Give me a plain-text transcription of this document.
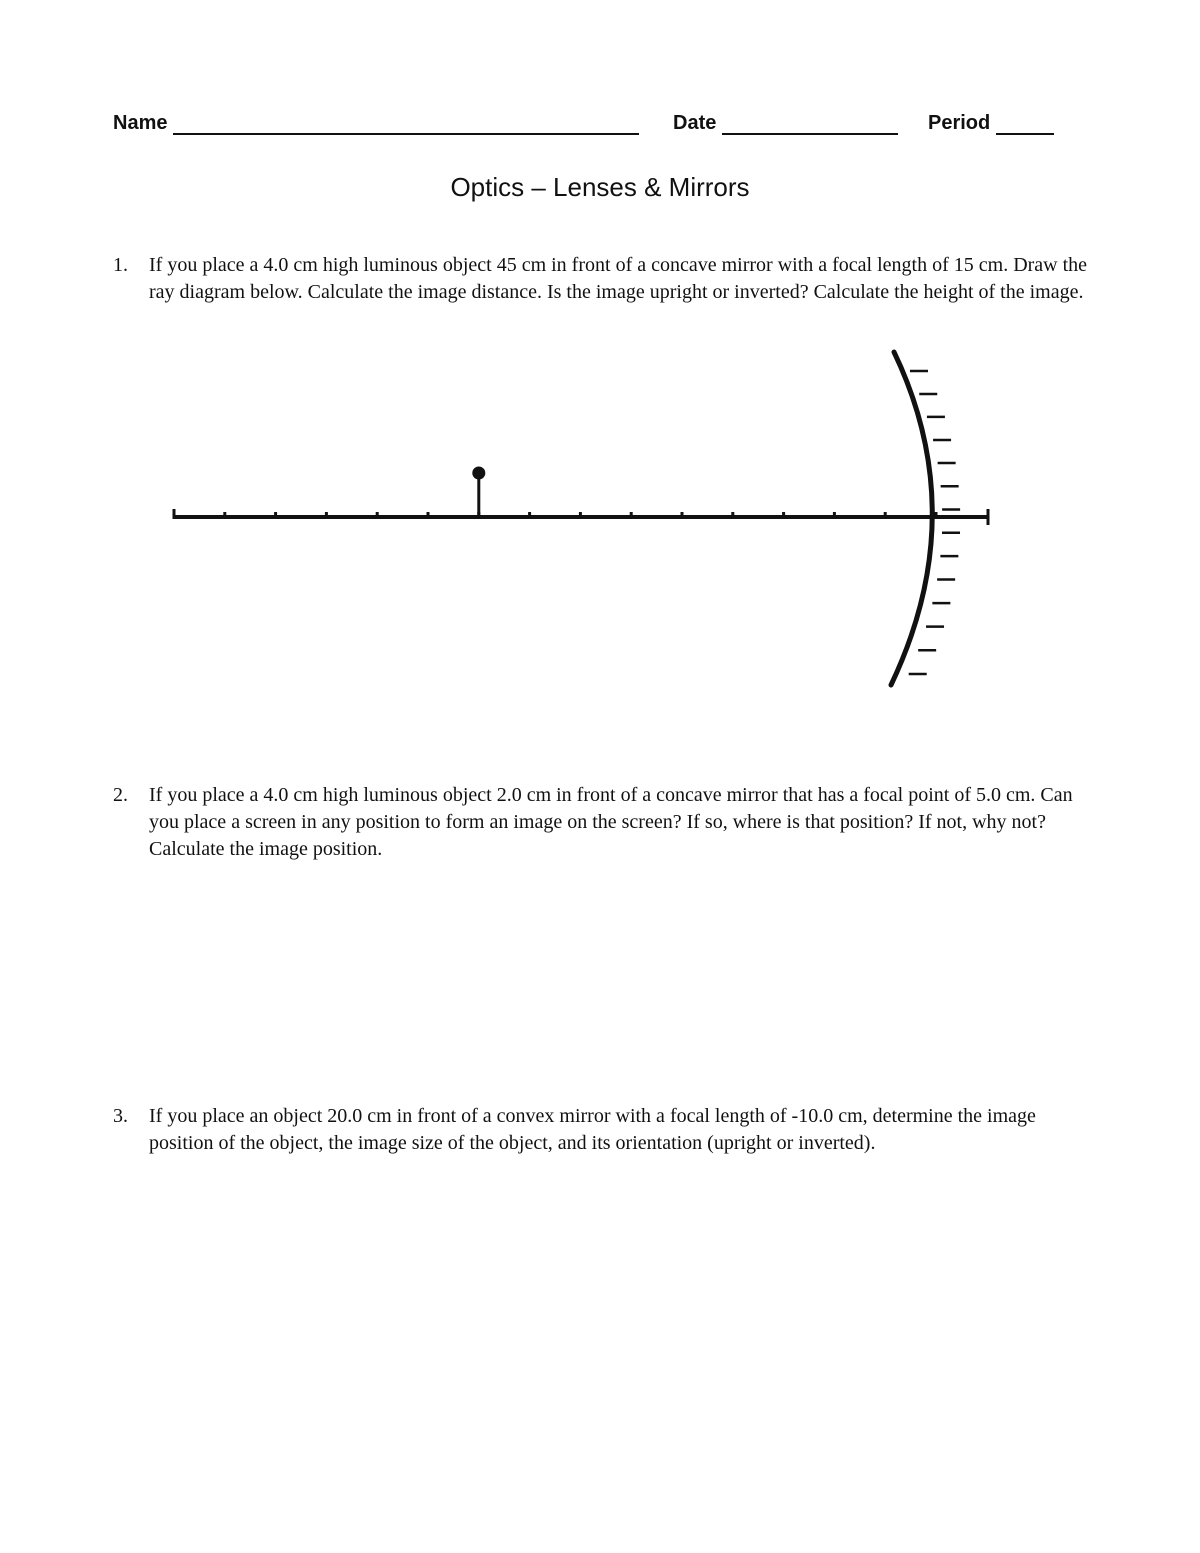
Name	Date	Period
Optics – Lenses & Mirrors
1. If you place a 4.0 cm high luminous object 45 cm in front of a concave mirror with a focal length of 15 cm. Draw the ray diagram below. Calculate the image distance. Is the image upright or inverted? Calculate the height of the image.
2. If you place a 4.0 cm high luminous object 2.0 cm in front of a concave mirror that has a focal point of 5.0 cm. Can you place a screen in any position to form an image on the screen? If so, where is that position? If not, why not? Calculate the image position.
3. If you place an object 20.0 cm in front of a convex mirror with a focal length of -10.0 cm, determine the image position of the object, the image size of the object, and its orientation (upright or inverted).
